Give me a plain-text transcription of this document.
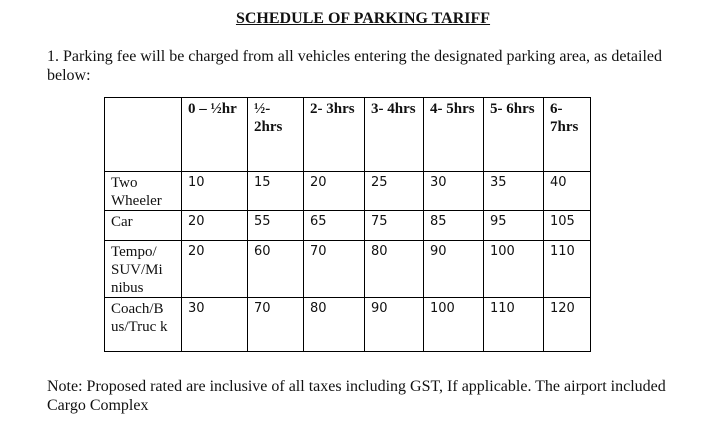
SCHEDULE OF PARKING TARIFF
1. Parking fee will be charged from all vehicles entering the designated parking area, as detailed below:
	0 – ½hr	½- 2hrs	2- 3hrs	3- 4hrs	4- 5hrs	5- 6hrs	6- 7hrs
Two Wheeler	10	15	20	25	30	35	40
Car	20	55	65	75	85	95	105
Tempo/ SUV/Mi nibus	20	60	70	80	90	100	110
Coach/B us/Truc k	30	70	80	90	100	110	120
Note: Proposed rated are inclusive of all taxes including GST, If applicable. The airport included Cargo Complex
